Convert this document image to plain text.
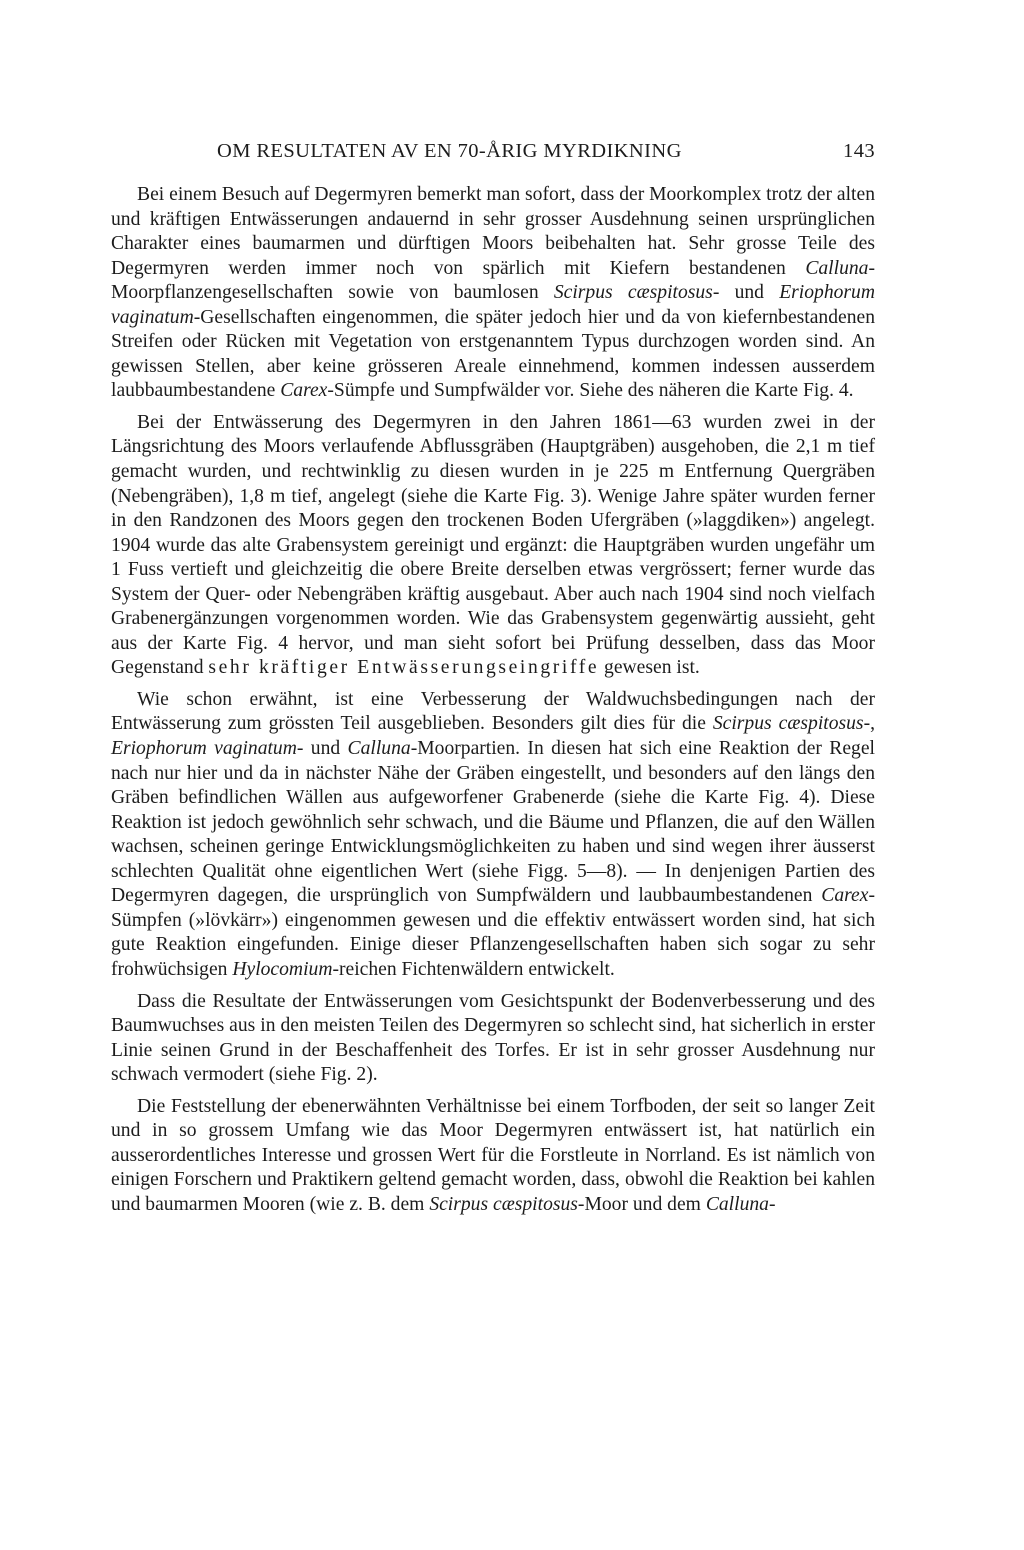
OM RESULTATEN AV EN 70-ÅRIG MYRDIKNING	143

Bei einem Besuch auf Degermyren bemerkt man sofort, dass der Moorkomplex trotz der alten und kräftigen Entwässerungen andauernd in sehr grosser Ausdehnung seinen ursprünglichen Charakter eines baumarmen und dürftigen Moors beibehalten hat. Sehr grosse Teile des Degermyren werden immer noch von spärlich mit Kiefern bestandenen Calluna-Moorpflanzengesellschaften sowie von baumlosen Scirpus cæspitosus- und Eriophorum vaginatum-Gesellschaften eingenommen, die später jedoch hier und da von kiefernbestandenen Streifen oder Rücken mit Vegetation von erstgenanntem Typus durchzogen worden sind. An gewissen Stellen, aber keine grösseren Areale einnehmend, kommen indessen ausserdem laubbaumbestandene Carex-Sümpfe und Sumpfwälder vor. Siehe des näheren die Karte Fig. 4.

Bei der Entwässerung des Degermyren in den Jahren 1861—63 wurden zwei in der Längsrichtung des Moors verlaufende Abflussgräben (Hauptgräben) ausgehoben, die 2,1 m tief gemacht wurden, und rechtwinklig zu diesen wurden in je 225 m Entfernung Quergräben (Nebengräben), 1,8 m tief, angelegt (siehe die Karte Fig. 3). Wenige Jahre später wurden ferner in den Randzonen des Moors gegen den trockenen Boden Ufergräben (»laggdiken») angelegt. 1904 wurde das alte Grabensystem gereinigt und ergänzt: die Hauptgräben wurden ungefähr um 1 Fuss vertieft und gleichzeitig die obere Breite derselben etwas vergrössert; ferner wurde das System der Quer- oder Nebengräben kräftig ausgebaut. Aber auch nach 1904 sind noch vielfach Grabenergänzungen vorgenommen worden. Wie das Grabensystem gegenwärtig aussieht, geht aus der Karte Fig. 4 hervor, und man sieht sofort bei Prüfung desselben, dass das Moor Gegenstand sehr kräftiger Entwässerungseingriffe gewesen ist.

Wie schon erwähnt, ist eine Verbesserung der Waldwuchsbedingungen nach der Entwässerung zum grössten Teil ausgeblieben. Besonders gilt dies für die Scirpus cæspitosus-, Eriophorum vaginatum- und Calluna-Moorpartien. In diesen hat sich eine Reaktion der Regel nach nur hier und da in nächster Nähe der Gräben eingestellt, und besonders auf den längs den Gräben befindlichen Wällen aus aufgeworfener Grabenerde (siehe die Karte Fig. 4). Diese Reaktion ist jedoch gewöhnlich sehr schwach, und die Bäume und Pflanzen, die auf den Wällen wachsen, scheinen geringe Entwicklungsmöglichkeiten zu haben und sind wegen ihrer äusserst schlechten Qualität ohne eigentlichen Wert (siehe Figg. 5—8). — In denjenigen Partien des Degermyren dagegen, die ursprünglich von Sumpfwäldern und laubbaumbestandenen Carex-Sümpfen (»lövkärr») eingenommen gewesen und die effektiv entwässert worden sind, hat sich gute Reaktion eingefunden. Einige dieser Pflanzengesellschaften haben sich sogar zu sehr frohwüchsigen Hylocomium-reichen Fichtenwäldern entwickelt.

Dass die Resultate der Entwässerungen vom Gesichtspunkt der Bodenverbesserung und des Baumwuchses aus in den meisten Teilen des Degermyren so schlecht sind, hat sicherlich in erster Linie seinen Grund in der Beschaffenheit des Torfes. Er ist in sehr grosser Ausdehnung nur schwach vermodert (siehe Fig. 2).

Die Feststellung der ebenerwähnten Verhältnisse bei einem Torfboden, der seit so langer Zeit und in so grossem Umfang wie das Moor Degermyren entwässert ist, hat natürlich ein ausserordentliches Interesse und grossen Wert für die Forstleute in Norrland. Es ist nämlich von einigen Forschern und Praktikern geltend gemacht worden, dass, obwohl die Reaktion bei kahlen und baumarmen Mooren (wie z. B. dem Scirpus cæspitosus-Moor und dem Calluna-
